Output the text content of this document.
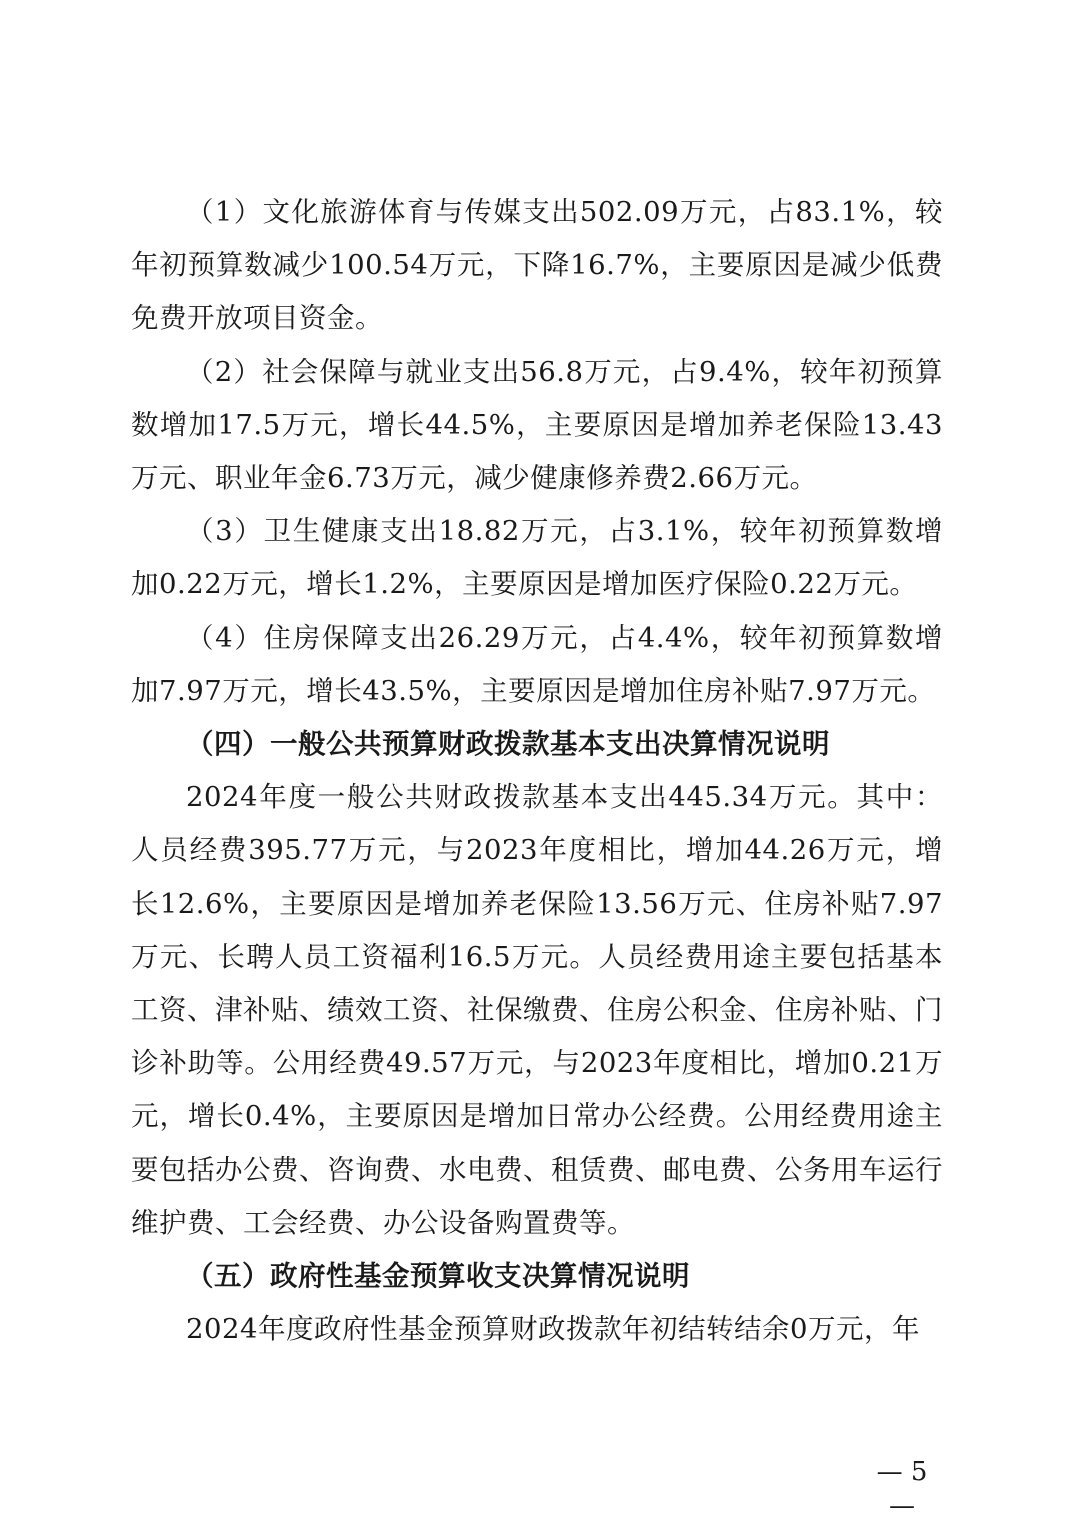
（1）文化旅游体育与传媒支出502.09万元，占83.1%，较年初预算数减少100.54万元，下降16.7%，主要原因是减少低费免费开放项目资金。

（2）社会保障与就业支出56.8万元，占9.4%，较年初预算数增加17.5万元，增长44.5%，主要原因是增加养老保险13.43万元、职业年金6.73万元，减少健康修养费2.66万元。

（3）卫生健康支出18.82万元，占3.1%，较年初预算数增加0.22万元，增长1.2%，主要原因是增加医疗保险0.22万元。

（4）住房保障支出26.29万元，占4.4%，较年初预算数增加7.97万元，增长43.5%，主要原因是增加住房补贴7.97万元。

（四）一般公共预算财政拨款基本支出决算情况说明

2024年度一般公共财政拨款基本支出445.34万元。其中：人员经费395.77万元，与2023年度相比，增加44.26万元，增长12.6%，主要原因是增加养老保险13.56万元、住房补贴7.97万元、长聘人员工资福利16.5万元。人员经费用途主要包括基本工资、津补贴、绩效工资、社保缴费、住房公积金、住房补贴、门诊补助等。公用经费49.57万元，与2023年度相比，增加0.21万元，增长0.4%，主要原因是增加日常办公经费。公用经费用途主要包括办公费、咨询费、水电费、租赁费、邮电费、公务用车运行维护费、工会经费、办公设备购置费等。

（五）政府性基金预算收支决算情况说明

2024年度政府性基金预算财政拨款年初结转结余0万元，年

— 5 —
